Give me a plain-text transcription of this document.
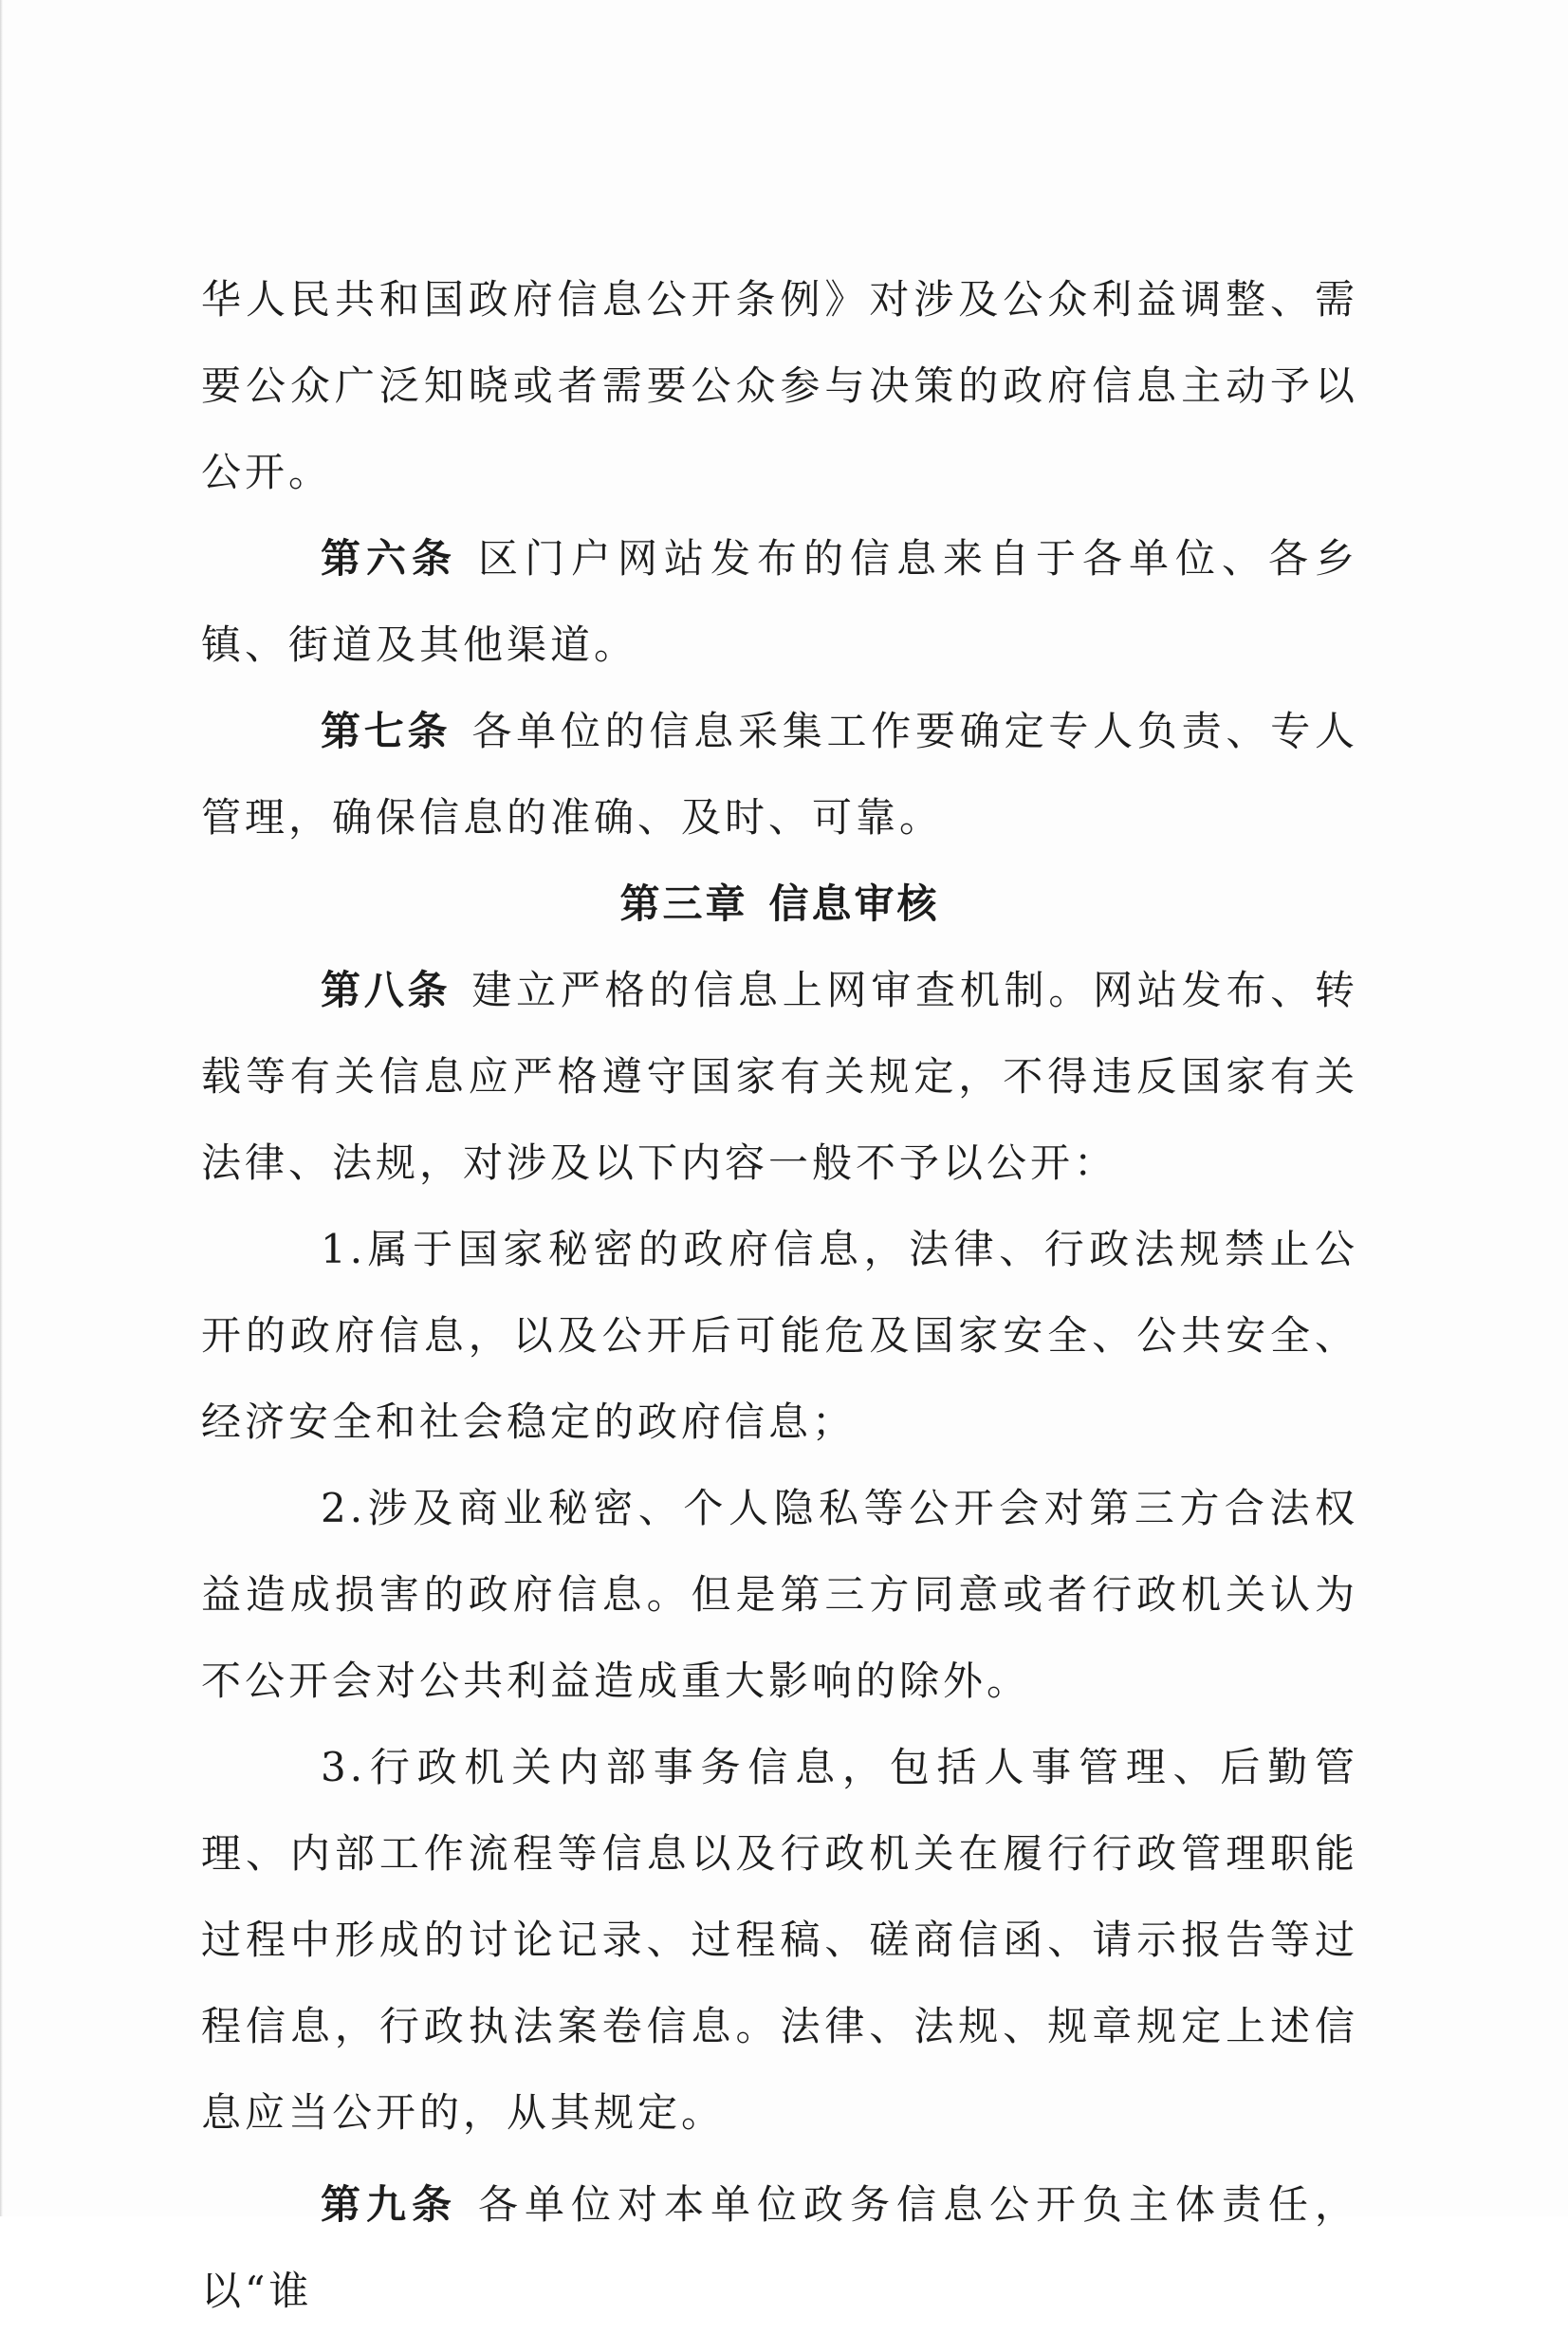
华人民共和国政府信息公开条例》对涉及公众利益调整、需要公众广泛知晓或者需要公众参与决策的政府信息主动予以公开。

第六条 区门户网站发布的信息来自于各单位、各乡镇、街道及其他渠道。

第七条 各单位的信息采集工作要确定专人负责、专人管理，确保信息的准确、及时、可靠。

第三章 信息审核

第八条 建立严格的信息上网审查机制。网站发布、转载等有关信息应严格遵守国家有关规定，不得违反国家有关法律、法规，对涉及以下内容一般不予以公开：

1.属于国家秘密的政府信息，法律、行政法规禁止公开的政府信息，以及公开后可能危及国家安全、公共安全、经济安全和社会稳定的政府信息；

2.涉及商业秘密、个人隐私等公开会对第三方合法权益造成损害的政府信息。但是第三方同意或者行政机关认为不公开会对公共利益造成重大影响的除外。

3.行政机关内部事务信息，包括人事管理、后勤管理、内部工作流程等信息以及行政机关在履行行政管理职能过程中形成的讨论记录、过程稿、磋商信函、请示报告等过程信息，行政执法案卷信息。法律、法规、规章规定上述信息应当公开的，从其规定。

第九条 各单位对本单位政务信息公开负主体责任，以“谁
